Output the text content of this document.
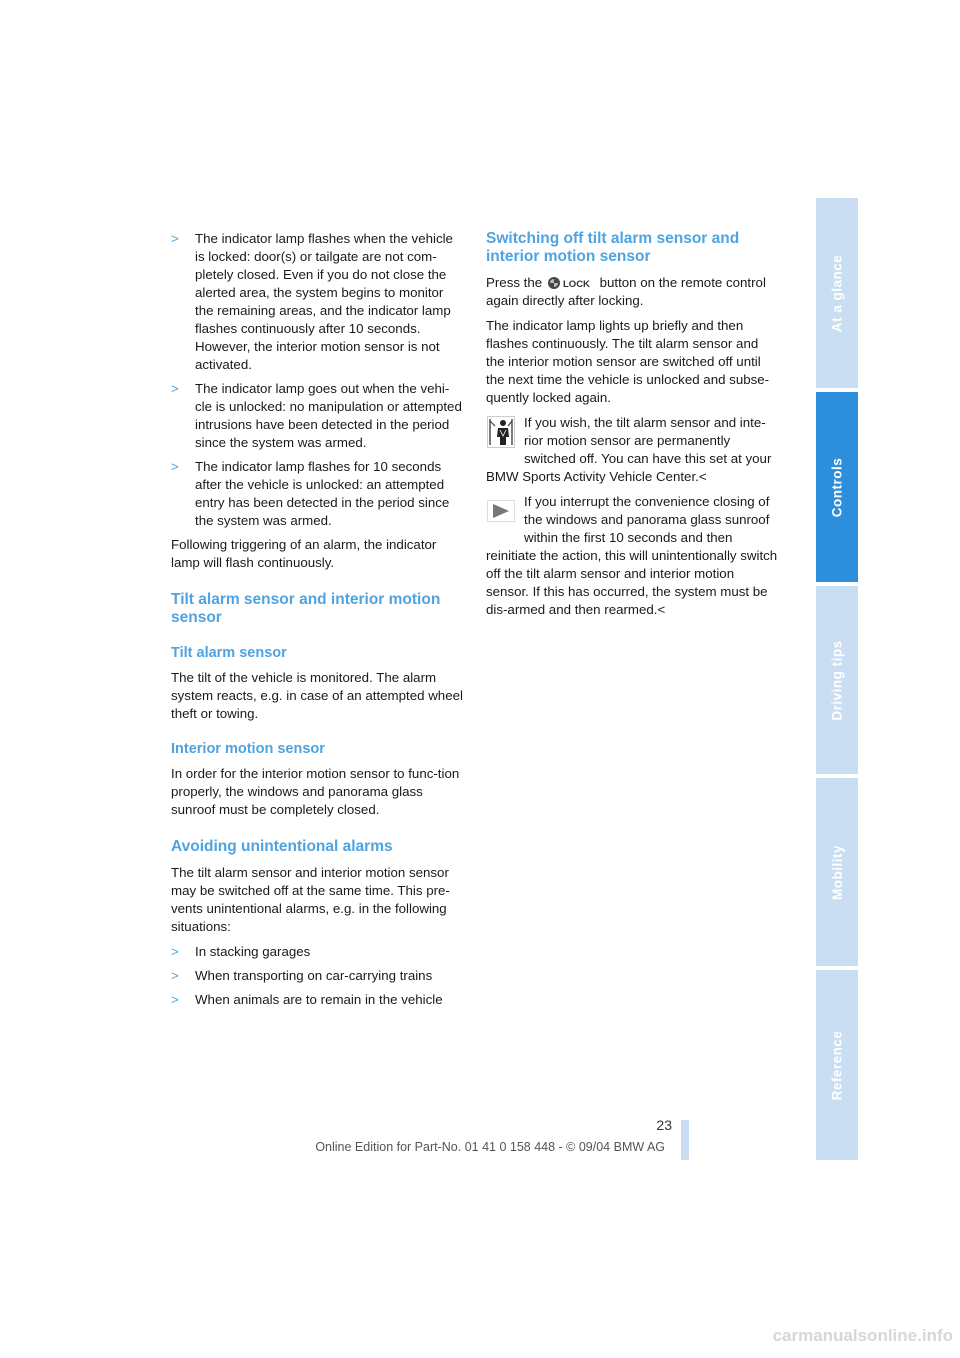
> The indicator lamp flashes when the vehicle is locked: door(s) or tailgate are not com-pletely closed. Even if you do not close the alerted area, the system begins to monitor the remaining areas, and the indicator lamp flashes continuously after 10 seconds. However, the interior motion sensor is not activated.
> The indicator lamp goes out when the vehi-cle is unlocked: no manipulation or attempted intrusions have been detected in the period since the system was armed.
> The indicator lamp flashes for 10 seconds after the vehicle is unlocked: an attempted entry has been detected in the period since the system was armed.

Following triggering of an alarm, the indicator lamp will flash continuously.

Tilt alarm sensor and interior motion sensor
Tilt alarm sensor

The tilt of the vehicle is monitored. The alarm system reacts, e.g. in case of an attempted wheel theft or towing.

Interior motion sensor

In order for the interior motion sensor to func-tion properly, the windows and panorama glass sunroof must be completely closed.

Avoiding unintentional alarms

The tilt alarm sensor and interior motion sensor may be switched off at the same time. This pre-vents unintentional alarms, e.g. in the following situations:

> In stacking garages
> When transporting on car-carrying trains
> When animals are to remain in the vehicle
Switching off tilt alarm sensor and interior motion sensor

Press the LOCK button on the remote control again directly after locking.

The indicator lamp lights up briefly and then flashes continuously. The tilt alarm sensor and the interior motion sensor are switched off until the next time the vehicle is unlocked and subse-quently locked again.

If you wish, the tilt alarm sensor and inte-rior motion sensor are permanently switched off. You can have this set at your BMW Sports Activity Vehicle Center.<

If you interrupt the convenience closing of the windows and panorama glass sunroof within the first 10 seconds and then reinitiate the action, this will unintentionally switch off the tilt alarm sensor and interior motion sensor. If this has occurred, the system must be dis-armed and then rearmed.<

At a glance
Controls
Driving tips
Mobility
Reference
23
Online Edition for Part-No. 01 41 0 158 448 - © 09/04 BMW AG
carmanualsonline.info
